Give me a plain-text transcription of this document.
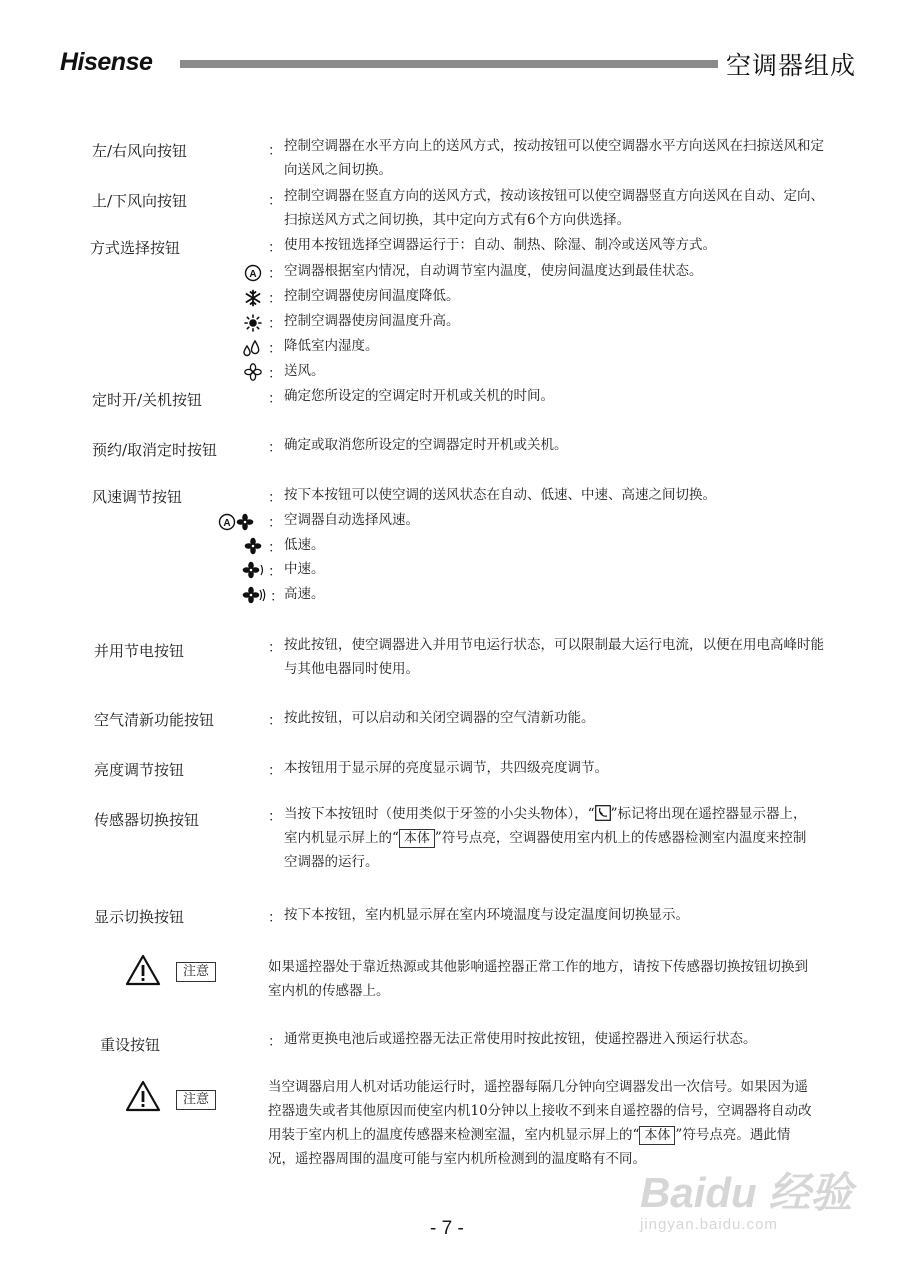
Hisense	空调器组成
左/右风向按钮	： 控制空调器在水平方向上的送风方式，按动按钮可以使空调器水平方向送风在扫掠送风和定向送风之间切换。
上/下风向按钮	： 控制空调器在竖直方向的送风方式，按动该按钮可以使空调器竖直方向送风在自动、定向、扫掠送风方式之间切换，其中定向方式有6个方向供选择。
方式选择按钮	： 使用本按钮选择空调器运行于：自动、制热、除湿、制冷或送风等方式。
A ： 空调器根据室内情况，自动调节室内温度，使房间温度达到最佳状态。
： 控制空调器使房间温度降低。
： 控制空调器使房间温度升高。
： 降低室内湿度。
： 送风。
定时开/关机按钮	： 确定您所设定的空调定时开机或关机的时间。
预约/取消定时按钮	： 确定或取消您所设定的空调器定时开机或关机。
风速调节按钮	： 按下本按钮可以使空调的送风状态在自动、低速、中速、高速之间切换。
A	： 空调器自动选择风速。
： 低速。
： 中速。
： 高速。
并用节电按钮	： 按此按钮，使空调器进入并用节电运行状态，可以限制最大运行电流，以便在用电高峰时能与其他电器同时使用。
空气清新功能按钮	： 按此按钮，可以启动和关闭空调器的空气清新功能。
亮度调节按钮	： 本按钮用于显示屏的亮度显示调节，共四级亮度调节。
传感器切换按钮	： 当按下本按钮时（使用类似于牙签的小尖头物体），“ ”标记将出现在遥控器显示器上，室内机显示屏上的“ 本体 ”符号点亮，空调器使用室内机上的传感器检测室内温度来控制空调器的运行。
显示切换按钮	： 按下本按钮，室内机显示屏在室内环境温度与设定温度间切换显示。
注意	如果遥控器处于靠近热源或其他影响遥控器正常工作的地方，请按下传感器切换按钮切换到室内机的传感器上。
重设按钮	： 通常更换电池后或遥控器无法正常使用时按此按钮，使遥控器进入预运行状态。
注意
当空调器启用人机对话功能运行时，遥控器每隔几分钟向空调器发出一次信号。如果因为遥控器遗失或者其他原因而使室内机10分钟以上接收不到来自遥控器的信号，空调器将自动改用装于室内机上的温度传感器来检测室温，室内机显示屏上的“ 本体 ”符号点亮。遇此情况，遥控器周围的温度可能与室内机所检测到的温度略有不同。
Baidu 经验
jingyan.baidu.com
- 7 -
